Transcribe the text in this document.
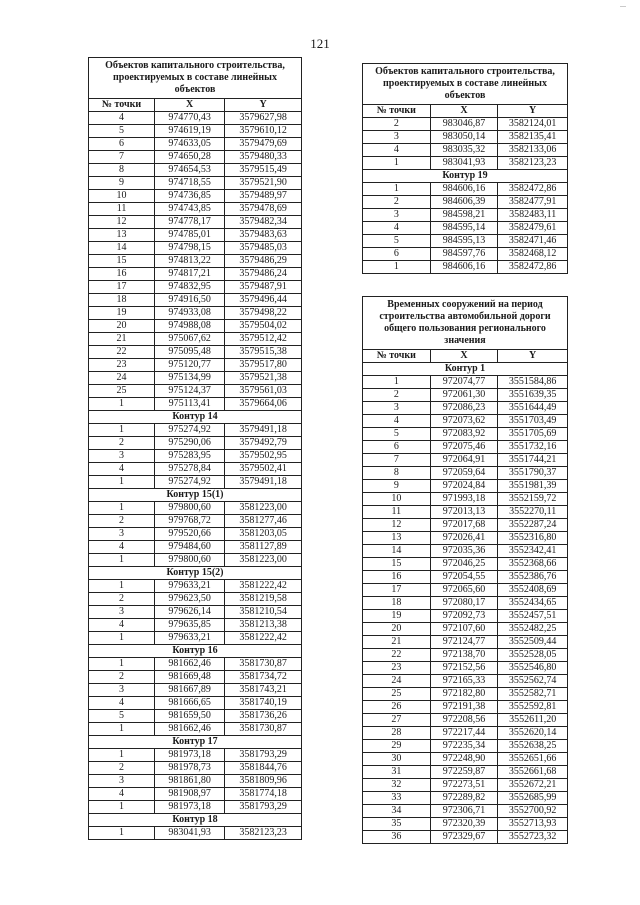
121
...
Объектов капитального строительства, проектируемых в составе линейных объектов		
№ точки	X	Y
4	974770,43	3579627,98
5	974619,19	3579610,12
6	974633,05	3579479,69
7	974650,28	3579480,33
8	974654,53	3579515,49
9	974718,55	3579521,90
10	974736,85	3579489,97
11	974743,85	3579478,69
12	974778,17	3579482,34
13	974785,01	3579483,63
14	974798,15	3579485,03
15	974813,22	3579486,29
16	974817,21	3579486,24
17	974832,95	3579487,91
18	974916,50	3579496,44
19	974933,08	3579498,22
20	974988,08	3579504,02
21	975067,62	3579512,42
22	975095,48	3579515,38
23	975120,77	3579517,80
24	975134,99	3579521,38
25	975124,37	3579561,03
1	975113,41	3579664,06
Контур 14		
1	975274,92	3579491,18
2	975290,06	3579492,79
3	975283,95	3579502,95
4	975278,84	3579502,41
1	975274,92	3579491,18
Контур 15(1)		
1	979800,60	3581223,00
2	979768,72	3581277,46
3	979520,66	3581203,05
4	979484,60	3581127,89
1	979800,60	3581223,00
Контур 15(2)		
1	979633,21	3581222,42
2	979623,50	3581219,58
3	979626,14	3581210,54
4	979635,85	3581213,38
1	979633,21	3581222,42
Контур 16		
1	981662,46	3581730,87
2	981669,48	3581734,72
3	981667,89	3581743,21
4	981666,65	3581740,19
5	981659,50	3581736,26
1	981662,46	3581730,87
Контур 17		
1	981973,18	3581793,29
2	981978,73	3581844,76
3	981861,80	3581809,96
4	981908,97	3581774,18
1	981973,18	3581793,29
Контур 18		
1	983041,93	3582123,23
Объектов капитального строительства, проектируемых в составе линейных объектов		
№ точки	X	Y
2	983046,87	3582124,01
3	983050,14	3582135,41
4	983035,32	3582133,06
1	983041,93	3582123,23
Контур 19		
1	984606,16	3582472,86
2	984606,39	3582477,91
3	984598,21	3582483,11
4	984595,14	3582479,61
5	984595,13	3582471,46
6	984597,76	3582468,12
1	984606,16	3582472,86
Временных сооружений на период строительства автомобильной дороги общего пользования регионального значения		
№ точки	X	Y
Контур 1		
1	972074,77	3551584,86
2	972061,30	3551639,35
3	972086,23	3551644,49
4	972073,62	3551703,49
5	972083,92	3551705,69
6	972075,46	3551732,16
7	972064,91	3551744,21
8	972059,64	3551790,37
9	972024,84	3551981,39
10	971993,18	3552159,72
11	972013,13	3552270,11
12	972017,68	3552287,24
13	972026,41	3552316,80
14	972035,36	3552342,41
15	972046,25	3552368,66
16	972054,55	3552386,76
17	972065,60	3552408,69
18	972080,17	3552434,65
19	972092,73	3552457,51
20	972107,60	3552482,25
21	972124,77	3552509,44
22	972138,70	3552528,05
23	972152,56	3552546,80
24	972165,33	3552562,74
25	972182,80	3552582,71
26	972191,38	3552592,81
27	972208,56	3552611,20
28	972217,44	3552620,14
29	972235,34	3552638,25
30	972248,90	3552651,66
31	972259,87	3552661,68
32	972273,51	3552672,21
33	972289,82	3552685,99
34	972306,71	3552700,92
35	972320,39	3552713,93
36	972329,67	3552723,32
